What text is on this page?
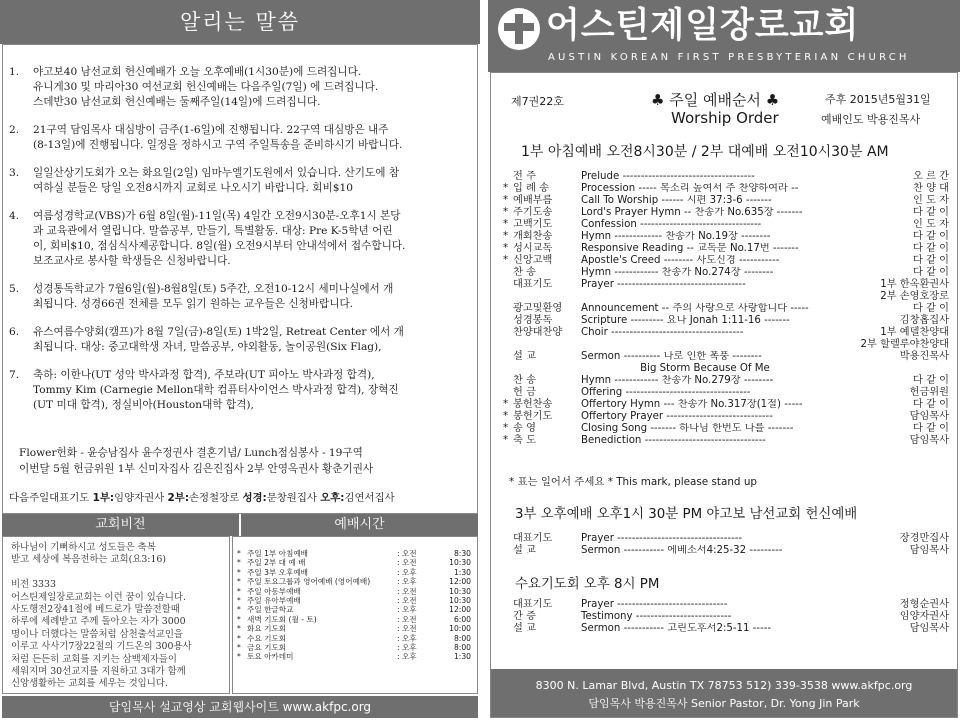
알리는 말씀
1.	야고보40 남선교회 헌신예배가 오늘 오후예배(1시30분)에 드려집니다.
유니게30 및 마리아30 여선교회 헌신예배는 다음주일(7일) 에 드려집니다.
스데반30 남선교회 헌신예배는 둘째주일(14일)에 드려집니다.
2.	21구역 담임목사 대심방이 금주(1-6일)에 진행됩니다. 22구역 대심방은 내주
(8-13일)에 진행됩니다. 일정을 정하시고 구역 주일특송을 준비하시기 바랍니다.
3.	일일산상기도회가 오는 화요일(2일) 임마누엘기도원에서 있습니다. 산기도에 참
여하실 분들은 당일 오전8시까지 교회로 나오시기 바랍니다. 회비$10
4.	여름성경학교(VBS)가 6월 8일(월)-11일(목) 4일간 오전9시30분-오후1시 본당
과 교육관에서 열립니다. 말씀공부, 만들기, 특별활동. 대상: Pre K-5학년 어린
이, 회비$10, 점심식사제공합니다. 8일(월) 오전9시부터 안내석에서 접수합니다.
보조교사로 봉사할 학생들은 신청바랍니다.
5.	성경통독학교가 7월6일(월)-8월8일(토) 5주간, 오전10-12시 세미나실에서 개
최됩니다. 성경66권 전체를 모두 읽기 원하는 교우들은 신청바랍니다.
6.	유스여름수양회(캠프)가 8월 7일(금)-8일(토) 1박2일, Retreat Center 에서 개
최됩니다. 대상: 중고대학생 자녀, 말씀공부, 야외활동, 놀이공원(Six Flag),
7.	축하: 이한나(UT 성악 박사과정 합격), 주보라(UT 피아노 박사과정 합격),
Tommy Kim (Carnegie Mellon대학 컴퓨터사이언스 박사과정 합격), 장혁진
(UT 미대 합격), 정실비아(Houston대학 합격),
Flower헌화 - 윤승남집사 윤수정권사 결혼기념/ Lunch점심봉사 - 19구역
이번달 5월 헌금위원 1부 신미자집사 김은진집사 2부 안영옥권사 황춘기권사
다음주일대표기도 1부:임양자권사 2부:손정철장로 성경:문창원집사 오후:김연서집사
교회비전	예배시간
하나님이 기뻐하시고 성도들은 축복
받고 세상에 복음전하는 교회(요3:16)

비전 3333
어스틴제일장로교회는 이런 꿈이 있습니다.
사도행전2장41절에 베드로가 말씀전할때
하루에 세례받고 주께 돌아오는 자가 3000
명이나 더했다는 말씀처럼 삼천출석교인을
이루고 사사기7장22절의 기드온의 300용사
처럼 든든히 교회를 지키는 삼백제자들이
세워지며 30선교지를 지원하고 3대가 함께
신앙생활하는 교회를 세우는 것입니다.
* 주일 1부 아침예배	: 오전	8:30
* 주일 2부 대 예 배	: 오전	10:30
* 주일 3부 오후예배	: 오후	1:30
* 주일 토요그룹과 영어예배 (영어예배)	: 오후	12:00
* 주일 아동부예배	: 오전	10:30
* 주일 유아부예배	: 오전	10:30
* 주일 한글학교	: 오후	12:00
* 새벽 기도회 (월 - 토)	: 오전	6:00
* 화요 기도회	: 오전	10:00
* 수요 기도회	: 오후	8:00
* 금요 기도회	: 오후	8:00
* 토요 아카데미	: 오후	1:30
담임목사 설교영상 교회웹사이트 www.akfpc.org
어스틴제일장로교회
AUSTIN KOREAN FIRST PRESBYTERIAN CHURCH
제7권22호	♣ 주일 예배순서 ♣
Worship Order
주후 2015년5월31일
예배인도 박용진목사
1부 아침예배 오전8시30분 / 2부 대예배 오전10시30분 AM
전 주	Prelude ------------------------------------	오 르 간
* 입 례 송	Procession ----- 목소리 높여서 주 찬양하여라 --	찬 양 대
* 예배부름	Call To Worship ------ 시편 37:3-6 -------	인 도 자
* 주기도송	Lord's Prayer Hymn -- 찬송가 No.635장 -------	다 같 이
* 고백기도	Confession ---------------------------------	인 도 자
* 개회찬송	Hymn ------------- 찬송가 No.19장 --------	다 같 이
* 성시교독	Responsive Reading -- 교독문 No.17번 -------	다 같 이
* 신앙고백	Apostle's Creed -------- 사도신경 -----------	다 같 이
찬 송	Hymn ------------ 찬송가 No.274장 --------	다 같 이
대표기도	Prayer -----------------------------------	1부 한옥환권사
2부 손영호장로
광고및환영	Announcement -- 주의 사랑으로 사랑합니다 -----	다 같 이
성경봉독	Scripture --------- 요나 Jonah 1:11-16 -------	김창홉집사
찬양대찬양	Choir ------------------------------------	1부 예델찬양대
2부 할렐루야찬양대
설 교	Sermon ---------- 나로 인한 폭풍 --------	박용진목사
Big Storm Because Of Me
찬 송	Hymn ------------ 찬송가 No.279장 --------	다 같 이
헌 금	Offering ----------------------------------	헌금위원
* 봉헌찬송	Offertory Hymn --- 찬송가 No.317장(1절) -----	다 같 이
* 봉헌기도	Offertory Prayer -----------------------------	담임목사
* 송 영	Closing Song ------- 하나님 한번도 나를 -------	다 같 이
* 축 도	Benediction ---------------------------------	담임목사
* 표는 일어서 주세요 * This mark, please stand up
3부 오후예배 오후1시 30분 PM 야고보 남선교회 헌신예배
대표기도	Prayer ----------------------------------	장경만집사
설 교	Sermon ----------- 에베소서4:25-32 ---------	담임목사
수요기도회 오후 8시 PM
대표기도	Prayer ------------------------------	정형순권사
간 증	Testimony --------------------------	임양자권사
설 교	Sermon ----------- 고린도후서2:5-11 -----	담임목사
8300 N. Lamar Blvd, Austin TX 78753 512) 339-3538 www.akfpc.org
담임목사 박용진목사 Senior Pastor, Dr. Yong Jin Park
